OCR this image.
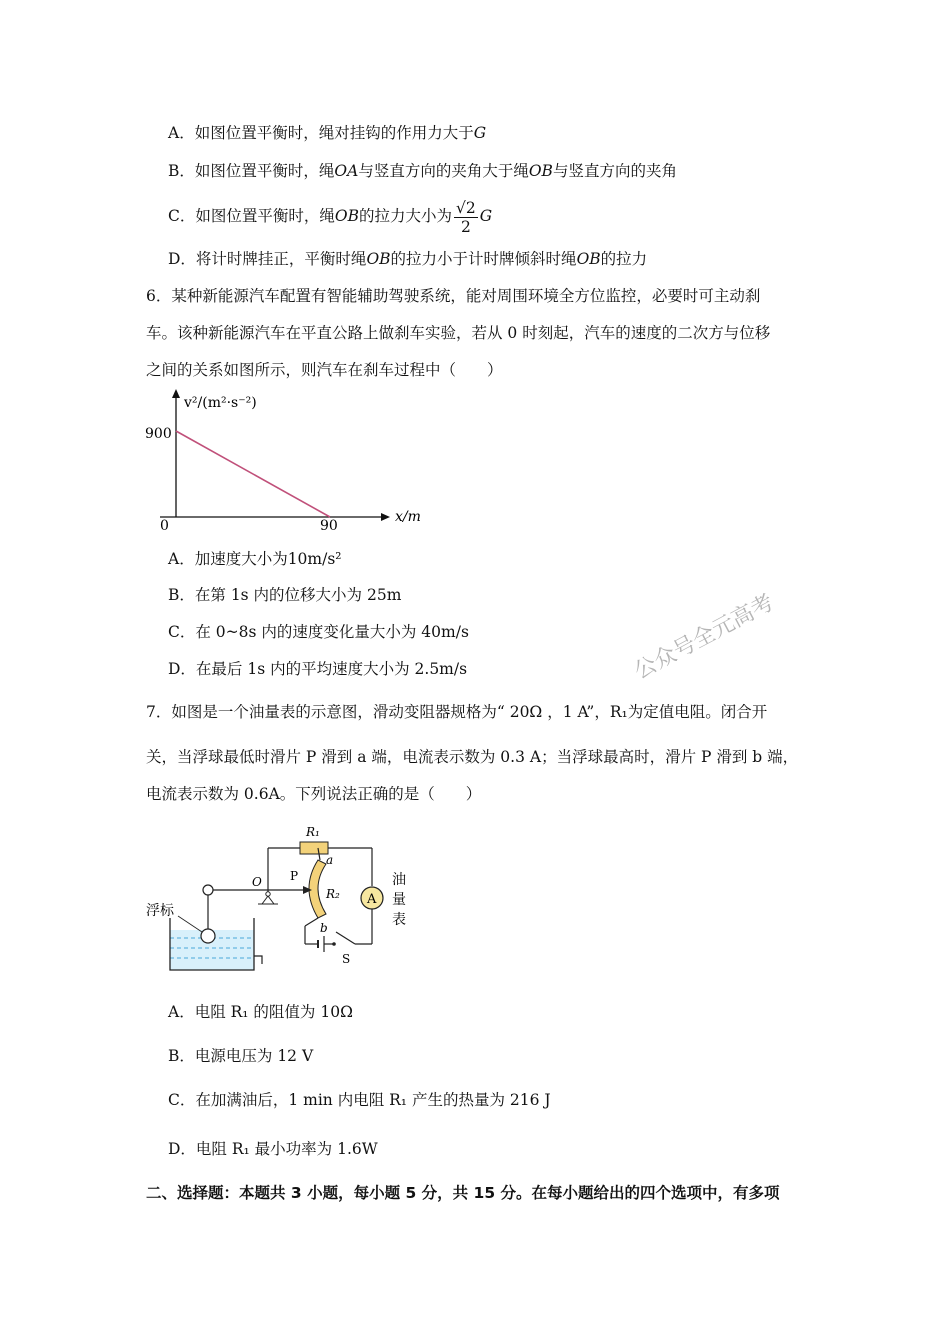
A．如图位置平衡时，绳对挂钩的作用力大于G
B．如图位置平衡时，绳OA与竖直方向的夹角大于绳OB与竖直方向的夹角
C．如图位置平衡时，绳OB的拉力大小为 $\frac{√2}{2}$ G
D．将计时牌挂正，平衡时绳OB的拉力小于计时牌倾斜时绳OB的拉力
6．某种新能源汽车配置有智能辅助驾驶系统，能对周围环境全方位监控，必要时可主动刹
车。该种新能源汽车在平直公路上做刹车实验，若从 0 时刻起，汽车的速度的二次方与位移
之间的关系如图所示，则汽车在刹车过程中（　　）
v²/(m²·s⁻²)
900
0	90
x/m
A．加速度大小为10m/s²
B．在第 1s 内的位移大小为 25m
C．在 0~8s 内的速度变化量大小为 40m/s
D．在最后 1s 内的平均速度大小为 2.5m/s	公众号全元高考
7．如图是一个油量表的示意图，滑动变阻器规格为“ 20Ω ，1 A”，R₁为定值电阻。闭合开
关，当浮球最低时滑片 P 滑到 a 端，电流表示数为 0.3 A；当浮球最高时，滑片 P 滑到 b 端，
电流表示数为 0.6A。下列说法正确的是（　　）
R₁
A
S
a
b
R₂
O P
浮标
油
量
表
A．电阻 R₁ 的阻值为 10Ω
B．电源电压为 12 V
C．在加满油后，1 min 内电阻 R₁ 产生的热量为 216 J
D．电阻 R₁ 最小功率为 1.6W
二、选择题：本题共 3 小题，每小题 5 分，共 15 分。在每小题给出的四个选项中，有多项
